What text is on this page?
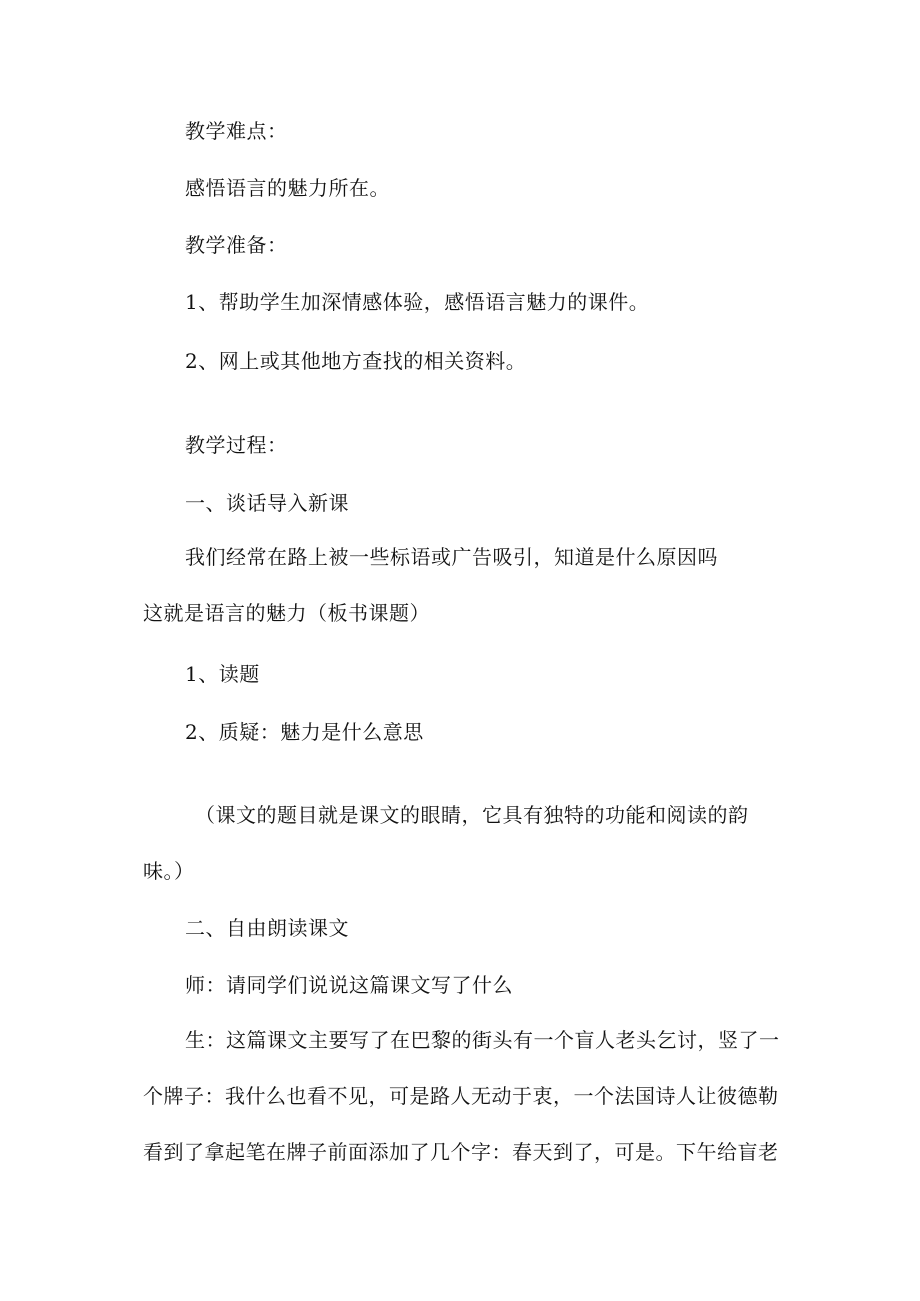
教学难点：

感悟语言的魅力所在。

教学准备：

1、帮助学生加深情感体验，感悟语言魅力的课件。

2、网上或其他地方查找的相关资料。

教学过程：

一、谈话导入新课

我们经常在路上被一些标语或广告吸引，知道是什么原因吗

这就是语言的魅力（板书课题）

1、读题

2、质疑：魅力是什么意思

（课文的题目就是课文的眼睛，它具有独特的功能和阅读的韵

味。）

二、自由朗读课文

师：请同学们说说这篇课文写了什么

生：这篇课文主要写了在巴黎的街头有一个盲人老头乞讨，竖了一

个牌子：我什么也看不见，可是路人无动于衷，一个法国诗人让彼德勒

看到了拿起笔在牌子前面添加了几个字：春天到了，可是。下午给盲老
